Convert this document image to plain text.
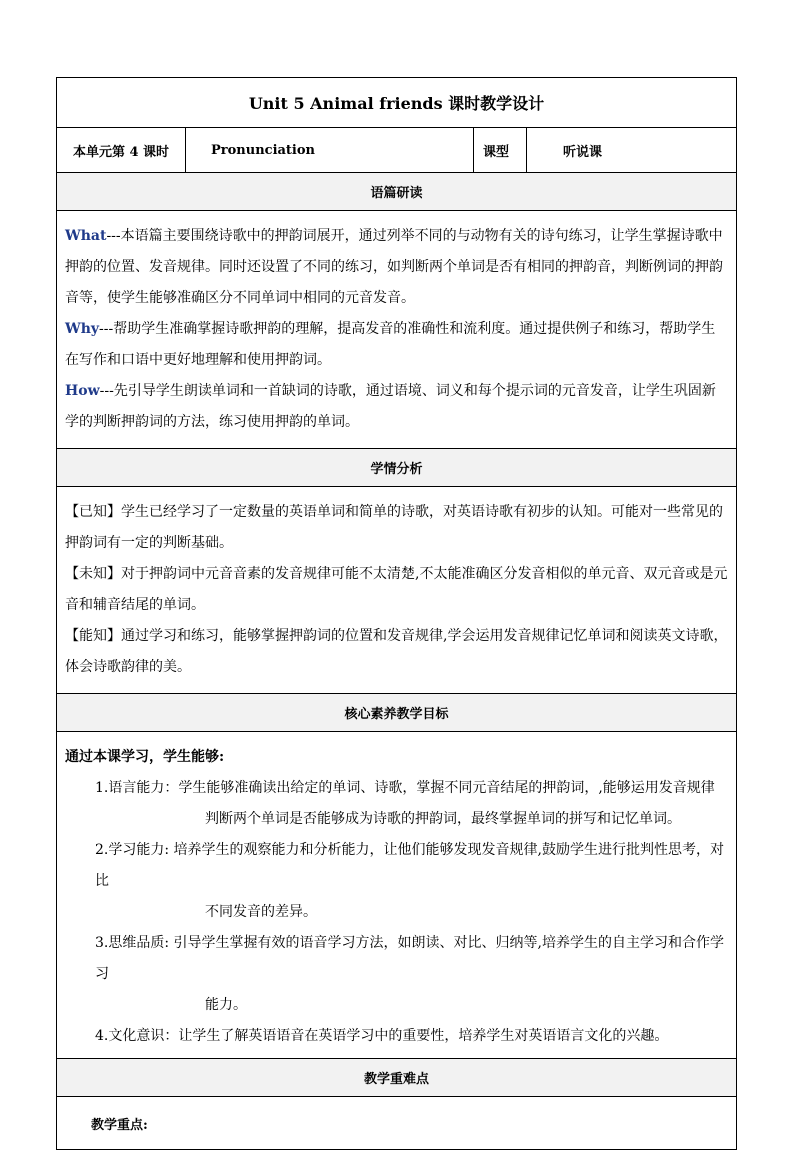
Unit 5 Animal friends 课时教学设计
本单元第 4 课时	Pronunciation	课型	听说课
语篇研读

What---本语篇主要围绕诗歌中的押韵词展开，通过列举不同的与动物有关的诗句练习，让学生掌握诗歌中押韵的位置、发音规律。同时还设置了不同的练习，如判断两个单词是否有相同的押韵音，判断例词的押韵音等，使学生能够准确区分不同单词中相同的元音发音。

Why---帮助学生准确掌握诗歌押韵的理解，提高发音的准确性和流利度。通过提供例子和练习，帮助学生在写作和口语中更好地理解和使用押韵词。

How---先引导学生朗读单词和一首缺词的诗歌，通过语境、词义和每个提示词的元音发音，让学生巩固新学的判断押韵词的方法，练习使用押韵的单词。

学情分析

【已知】学生已经学习了一定数量的英语单词和简单的诗歌，对英语诗歌有初步的认知。可能对一些常见的押韵词有一定的判断基础。

【未知】对于押韵词中元音音素的发音规律可能不太清楚,不太能准确区分发音相似的单元音、双元音或是元音和辅音结尾的单词。

【能知】通过学习和练习，能够掌握押韵词的位置和发音规律,学会运用发音规律记忆单词和阅读英文诗歌，体会诗歌韵律的美。

核心素养教学目标

通过本课学习，学生能够:

1.语言能力：学生能够准确读出给定的单词、诗歌，掌握不同元音结尾的押韵词，,能够运用发音规律
判断两个单词是否能够成为诗歌的押韵词，最终掌握单词的拼写和记忆单词。
2.学习能力: 培养学生的观察能力和分析能力，让他们能够发现发音规律,鼓励学生进行批判性思考，对比
不同发音的差异。
3.思维品质: 引导学生掌握有效的语音学习方法，如朗读、对比、归纳等,培养学生的自主学习和合作学习
能力。
4.文化意识：让学生了解英语语音在英语学习中的重要性，培养学生对英语语言文化的兴趣。
教学重难点
教学重点:
